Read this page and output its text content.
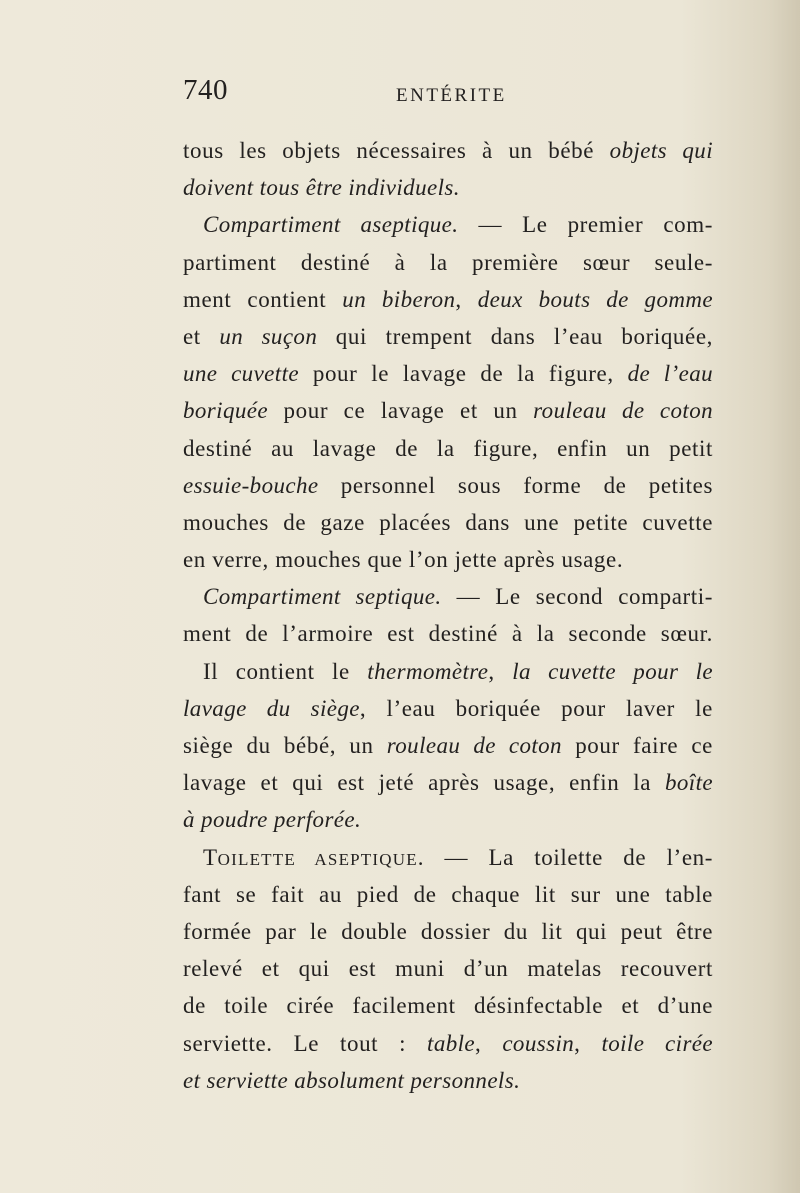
740	ENTÉRITE
tous les objets nécessaires à un bébé objets qui
doivent tous être individuels.
Compartiment aseptique. — Le premier com-
partiment destiné à la première sœur seule-
ment contient un biberon, deux bouts de gomme
et un suçon qui trempent dans l’eau boriquée,
une cuvette pour le lavage de la figure, de l’eau
boriquée pour ce lavage et un rouleau de coton
destiné au lavage de la figure, enfin un petit
essuie-bouche personnel sous forme de petites
mouches de gaze placées dans une petite cuvette
en verre, mouches que l’on jette après usage.
Compartiment septique. — Le second comparti-
ment de l’armoire est destiné à la seconde sœur.
Il contient le thermomètre, la cuvette pour le
lavage du siège, l’eau boriquée pour laver le
siège du bébé, un rouleau de coton pour faire ce
lavage et qui est jeté après usage, enfin la boîte
à poudre perforée.
TOILETTE ASEPTIQUE. — La toilette de l’en-
fant se fait au pied de chaque lit sur une table
formée par le double dossier du lit qui peut être
relevé et qui est muni d’un matelas recouvert
de toile cirée facilement désinfectable et d’une
serviette. Le tout : table, coussin, toile cirée
et serviette absolument personnels.
